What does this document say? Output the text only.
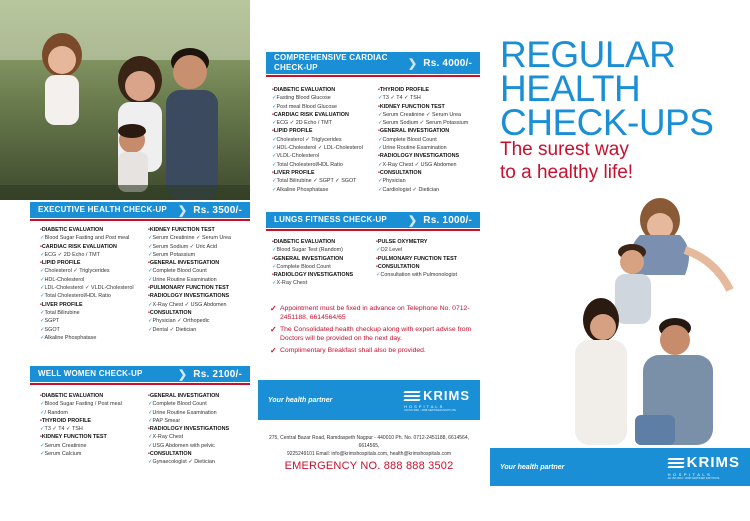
EXECUTIVE HEALTH CHECK-UP	❯ Rs. 3500/-
• DIABETIC EVALUATION
✓ Blood Sugar Fasting and Post meal
• CARDIAC RISK EVALUATION
✓ ECG ✓ 2D Echo / TMT
• LIPID PROFILE
✓ Cholesterol ✓ Triglycerides
✓ HDL-Cholesterol
✓ LDL-Cholesterol ✓ VLDL-Cholesterol
✓ Total Cholesterol/HDL Ratio
• LIVER PROFILE
✓ Total Bilirubine
✓ SGPT
✓ SGOT
✓ Alkaline Phosphatase
• KIDNEY FUNCTION TEST
✓ Serum Creatinine ✓ Serum Urea
✓ Serum Sodium ✓ Uric Acid
✓ Serum Potassium
• GENERAL INVESTIGATION
✓ Complete Blood Count
✓ Urine Routine Examination
• PULMONARY FUNCTION TEST
• RADIOLOGY INVESTIGATIONS
✓ X-Ray Chest ✓ USG Abdomen
• CONSULTATION
✓ Physician ✓ Orthopedic
✓ Dental ✓ Dietician
WELL WOMEN CHECK-UP	❯ Rs. 2100/-
• DIABETIC EVALUATION
✓ Blood Sugar Fasting / Post meal
✓ / Random
• THYROID PROFILE
✓ T3 ✓ T4 ✓ TSH
• KIDNEY FUNCTION TEST
✓ Serum Creatinine
✓ Serum Calcium
• GENERAL INVESTIGATION
✓ Complete Blood Count
✓ Urine Routine Examination
✓ PAP Smear
• RADIOLOGY INVESTIGATIONS
✓ X-Ray Chest
✓ USG Abdomen with pelvic
• CONSULTATION
✓ Gynaecologist ✓ Dietician
COMPREHENSIVE CARDIAC
CHECK-UP	❯ Rs. 4000/-
• DIABETIC EVALUATION
✓ Fasting Blood Glucose
✓ Post meal Blood Glucose
• CARDIAC RISK EVALUATION
✓ ECG ✓ 2D Echo / TMT
• LIPID PROFILE
✓ Cholesterol ✓ Triglycerides
✓ HDL-Cholesterol ✓ LDL-Cholesterol
✓ VLDL-Cholesterol
✓ Total Cholesterol/HDL Ratio
• LIVER PROFILE
✓ Total Bilirubine ✓ SGPT ✓ SGOT
✓ Alkaline Phosphatase
• THYROID PROFILE
✓ T3 ✓ T4 ✓ TSH
• KIDNEY FUNCTION TEST
✓ Serum Creatinine ✓ Serum Urea
✓ Serum Sodium ✓ Serum Potassium
• GENERAL INVESTIGATION
✓ Complete Blood Count
✓ Urine Routine Examination
• RADIOLOGY INVESTIGATIONS
✓ X-Ray Chest ✓ USG Abdomen
• CONSULTATION
✓ Physician
✓ Cardiologist ✓ Dietician
LUNGS FITNESS CHECK-UP	❯ Rs. 1000/-
• DIABETIC EVALUATION
✓ Blood Sugar Test (Random)
• GENERAL INVESTIGATION
✓ Complete Blood Count
• RADIOLOGY INVESTIGATIONS
✓ X-Ray Chest
• PULSE OXYMETRY
✓ O2 Level
• PULMONARY FUNCTION TEST
• CONSULTATION
✓ Consultation with Pulmonologist
✓ Appointment must be fixed in advance on Telephone No. 0712-2451188, 6614564/65
✓ The Consolidated health checkup along with expert advise from Doctors will be provided on the next day.
✓ Complimentary Breakfast shall also be provided.
Your health partner	KRIMS
HOSPITALS
AN ISO 9001 : 2008 CERTIFIED INSTITUTE
275, Central Bazar Road, Ramdaspeth Nagpur - 440010 Ph. No. 0712-2451188, 6614564, 6614565,
9225249101 Email: info@krimshospitals.com, health@krimshospitals.com
EMERGENCY NO. 888 888 3502	Your health partner	KRIMS
HOSPITALS
AN ISO 9001 : 2008 CERTIFIED INSTITUTE
REGULAR
HEALTH
CHECK-UPS
The surest way
to a healthy life!
